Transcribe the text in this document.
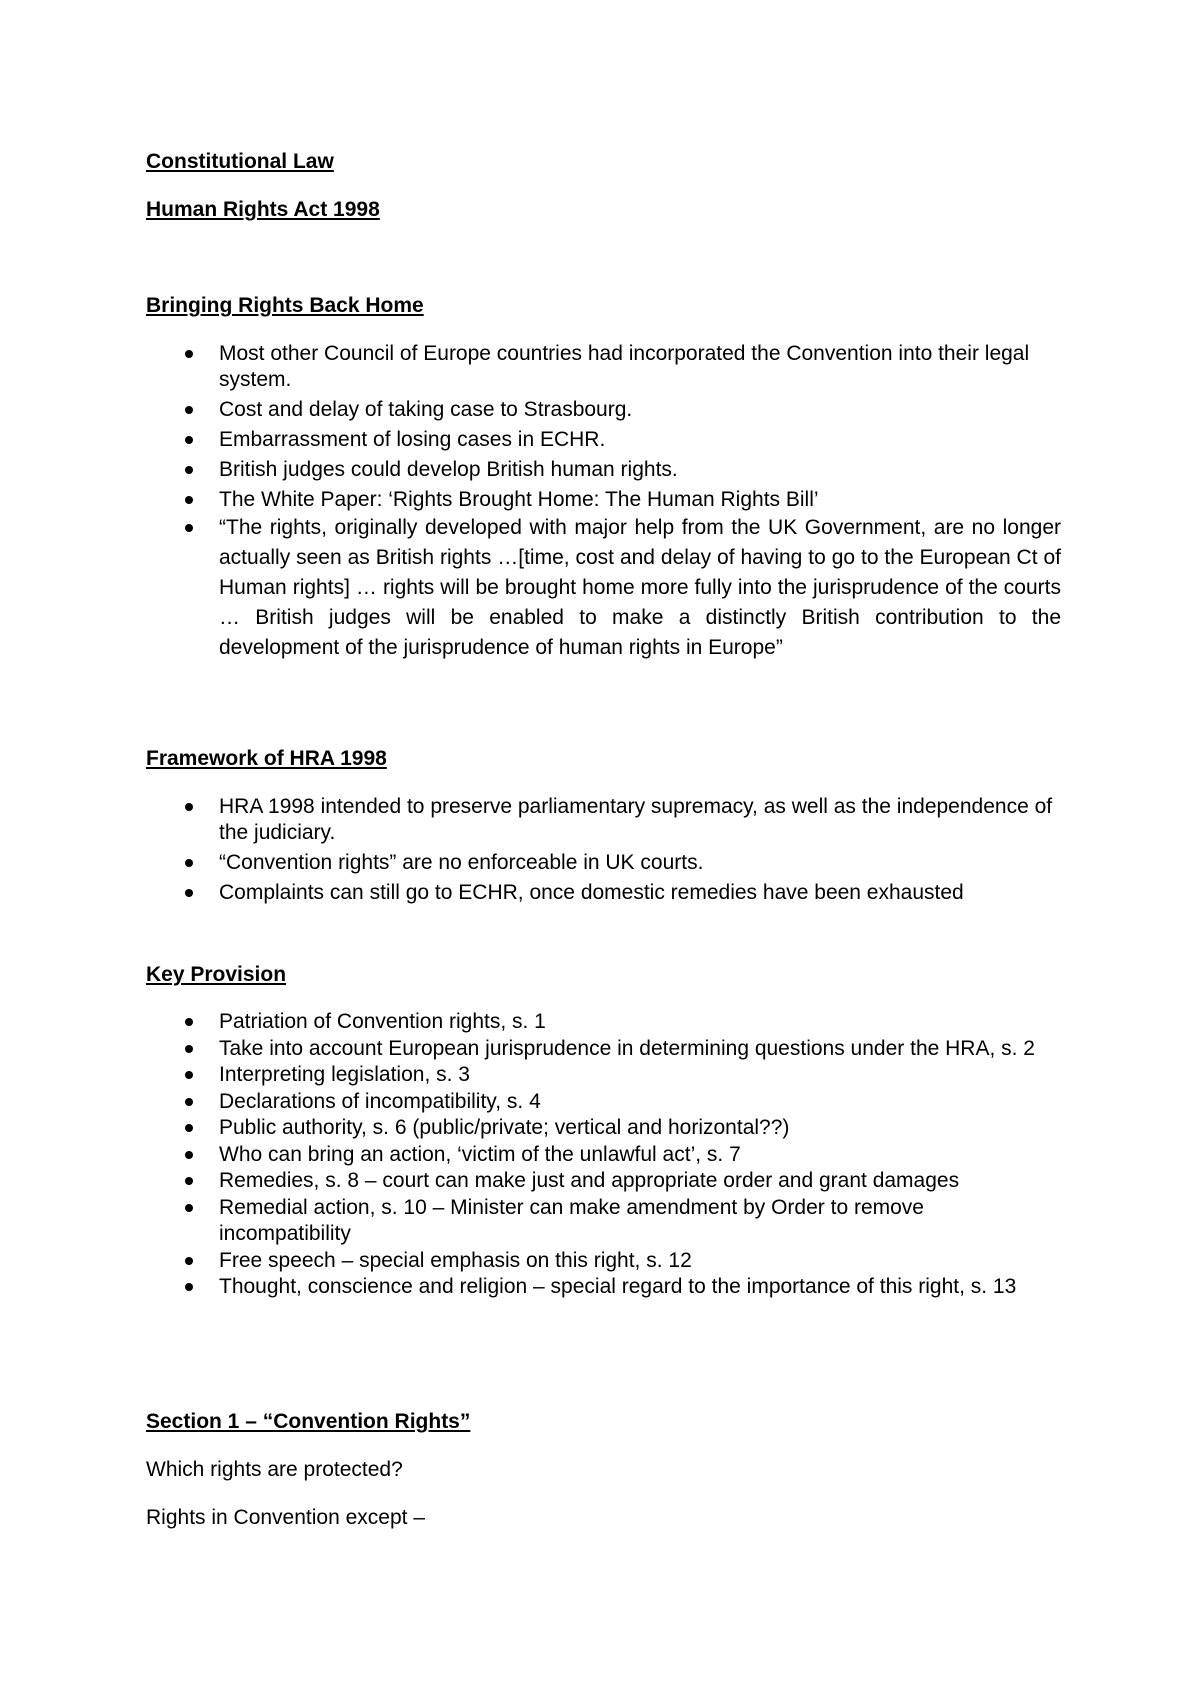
Constitutional Law
Human Rights Act 1998
Bringing Rights Back Home
Most other Council of Europe countries had incorporated the Convention into their legal system.
Cost and delay of taking case to Strasbourg.
Embarrassment of losing cases in ECHR.
British judges could develop British human rights.
The White Paper: ‘Rights Brought Home: The Human Rights Bill’
“The rights, originally developed with major help from the UK Government, are no longer actually seen as British rights …[time, cost and delay of having to go to the European Ct of Human rights] … rights will be brought home more fully into the jurisprudence of the courts … British judges will be enabled to make a distinctly British contribution to the development of the jurisprudence of human rights in Europe”
Framework of HRA 1998
HRA 1998 intended to preserve parliamentary supremacy, as well as the independence of the judiciary.
“Convention rights” are no enforceable in UK courts.
Complaints can still go to ECHR, once domestic remedies have been exhausted
Key Provision
Patriation of Convention rights, s. 1
Take into account European jurisprudence in determining questions under the HRA, s. 2
Interpreting legislation, s. 3
Declarations of incompatibility, s. 4
Public authority, s. 6 (public/private; vertical and horizontal??)
Who can bring an action, ‘victim of the unlawful act’, s. 7
Remedies, s. 8 – court can make just and appropriate order and grant damages
Remedial action, s. 10 – Minister can make amendment by Order to remove incompatibility
Free speech – special emphasis on this right, s. 12
Thought, conscience and religion – special regard to the importance of this right, s. 13
Section 1 – “Convention Rights”

Which rights are protected?

Rights in Convention except –
